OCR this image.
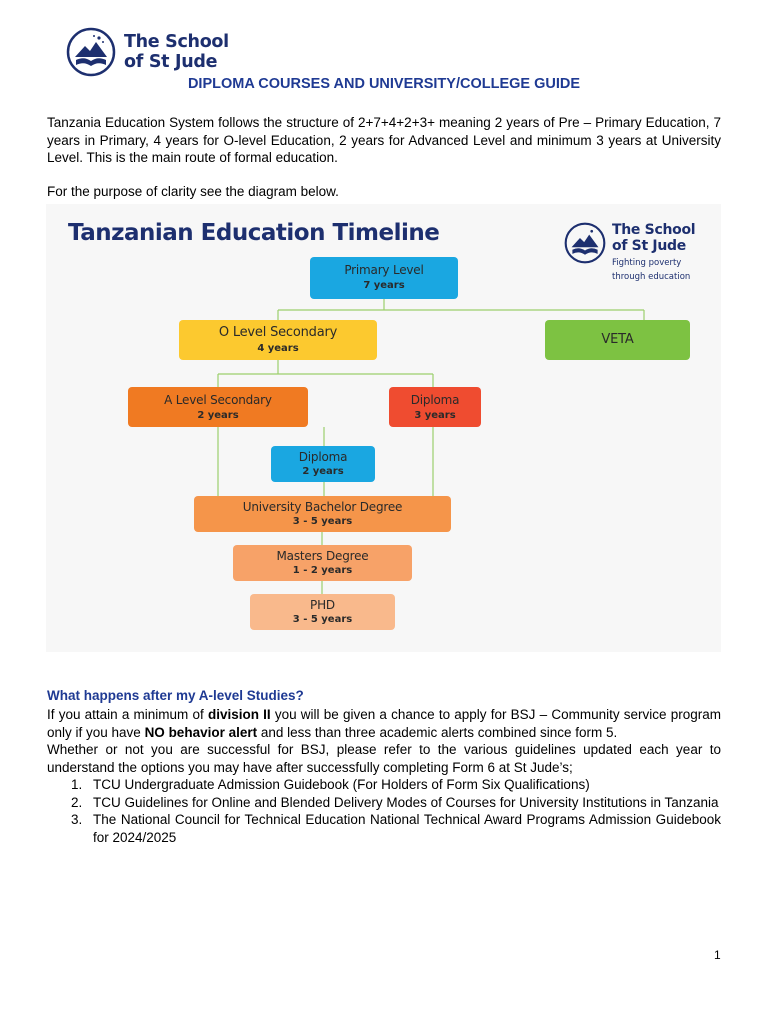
The School
of St Jude
DIPLOMA COURSES AND UNIVERSITY/COLLEGE GUIDE
Tanzania Education System follows the structure of 2+7+4+2+3+ meaning 2 years of Pre – Primary Education, 7 years in Primary, 4 years for O-level Education, 2 years for Advanced Level and minimum 3 years at University Level. This is the main route of formal education.
For the purpose of clarity see the diagram below.
Tanzanian Education Timeline	The School
of St Jude
Fighting poverty
through education
Primary Level
7 years
O Level Secondary
4 years
VETA
A Level Secondary
2 years
Diploma
3 years
Diploma
2 years
University Bachelor Degree
3 - 5 years
Masters Degree
1 - 2 years
PHD
3 - 5 years
What happens after my A-level Studies?
If you attain a minimum of division II you will be given a chance to apply for BSJ – Community service program only if you have NO behavior alert and less than three academic alerts combined since form 5.
Whether or not you are successful for BSJ, please refer to the various guidelines updated each year to understand the options you may have after successfully completing Form 6 at St Jude’s;
1. TCU Undergraduate Admission Guidebook (For Holders of Form Six Qualifications)
2. TCU Guidelines for Online and Blended Delivery Modes of Courses for University Institutions in Tanzania
3. The National Council for Technical Education National Technical Award Programs Admission Guidebook for 2024/2025
1
